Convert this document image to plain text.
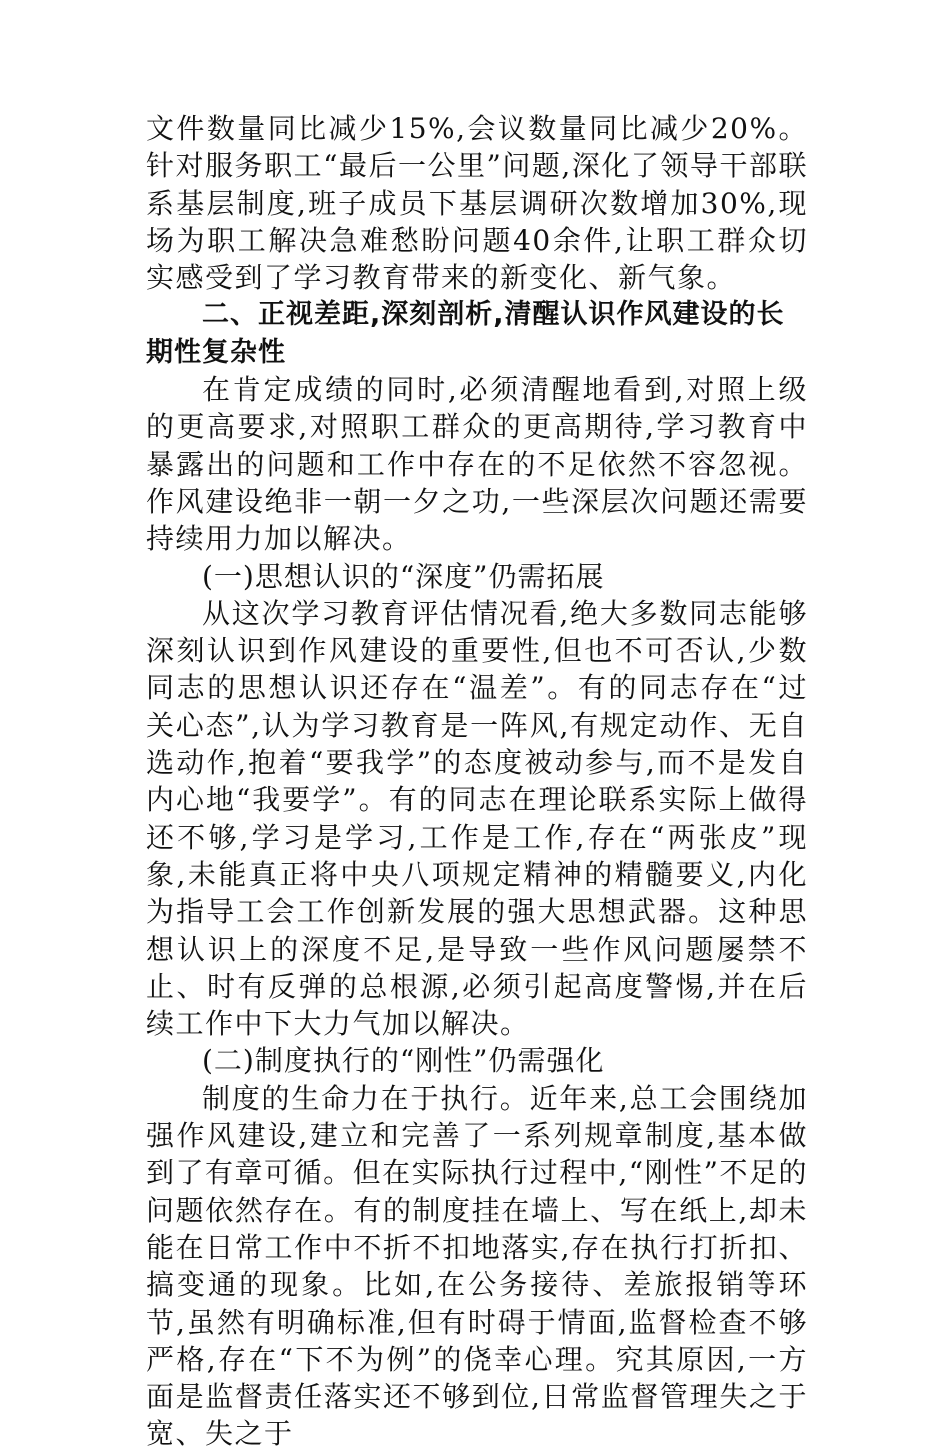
文件数量同比减少15%,会议数量同比减少20%。针对服务职工“最后一公里”问题,深化了领导干部联系基层制度,班子成员下基层调研次数增加30%,现场为职工解决急难愁盼问题40余件,让职工群众切实感受到了学习教育带来的新变化、新气象。

二、正视差距,深刻剖析,清醒认识作风建设的长期性复杂性

在肯定成绩的同时,必须清醒地看到,对照上级的更高要求,对照职工群众的更高期待,学习教育中暴露出的问题和工作中存在的不足依然不容忽视。作风建设绝非一朝一夕之功,一些深层次问题还需要持续用力加以解决。

(一)思想认识的“深度”仍需拓展

从这次学习教育评估情况看,绝大多数同志能够深刻认识到作风建设的重要性,但也不可否认,少数同志的思想认识还存在“温差”。有的同志存在“过关心态”,认为学习教育是一阵风,有规定动作、无自选动作,抱着“要我学”的态度被动参与,而不是发自内心地“我要学”。有的同志在理论联系实际上做得还不够,学习是学习,工作是工作,存在“两张皮”现象,未能真正将中央八项规定精神的精髓要义,内化为指导工会工作创新发展的强大思想武器。这种思想认识上的深度不足,是导致一些作风问题屡禁不止、时有反弹的总根源,必须引起高度警惕,并在后续工作中下大力气加以解决。

(二)制度执行的“刚性”仍需强化

制度的生命力在于执行。近年来,总工会围绕加强作风建设,建立和完善了一系列规章制度,基本做到了有章可循。但在实际执行过程中,“刚性”不足的问题依然存在。有的制度挂在墙上、写在纸上,却未能在日常工作中不折不扣地落实,存在执行打折扣、搞变通的现象。比如,在公务接待、差旅报销等环节,虽然有明确标准,但有时碍于情面,监督检查不够严格,存在“下不为例”的侥幸心理。究其原因,一方面是监督责任落实还不够到位,日常监督管理失之于宽、失之于
